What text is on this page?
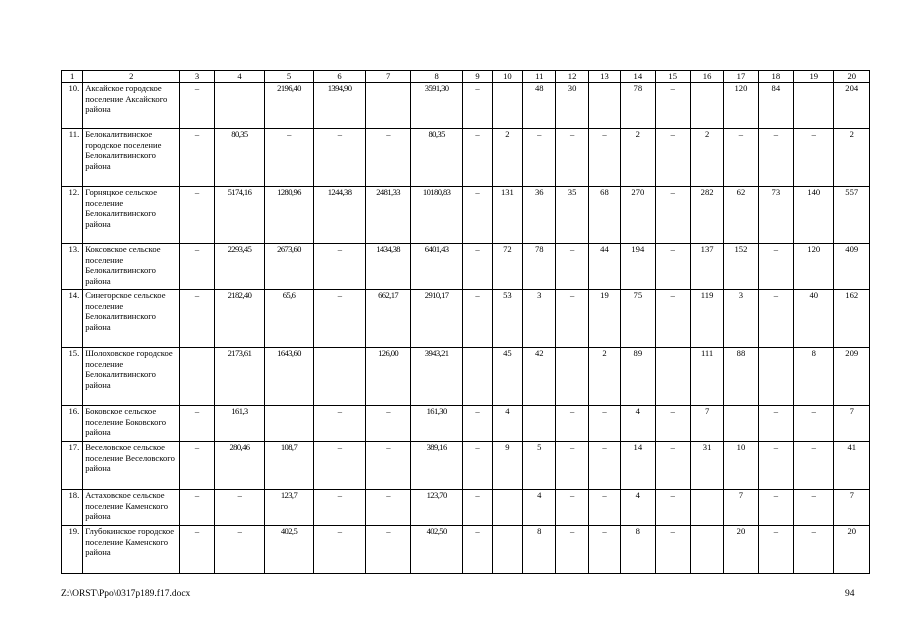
1	2	3	4	5	6	7	8	9	10	11	12	13	14	15	16	17	18	19	20
10.	Аксайское городское поселение Аксайского района	–		2196,40	1394,90		3591,30	–		48	30		78	–		120	84		204
11.	Белокалитвинское городское поселение Белокалитвинского района	–	80,35	–	–	–	80,35	–	2	–	–	–	2	–	2	–	–	–	2
12.	Горняцкое сельское поселение Белокалитвинского района	–	5174,16	1280,96	1244,38	2481,33	10180,83	–	131	36	35	68	270	–	282	62	73	140	557
13.	Коксовское сельское поселение Белокалитвинского района	–	2293,45	2673,60	–	1434,38	6401,43	–	72	78	–	44	194	–	137	152	–	120	409
14.	Синегорское сельское поселение Белокалитвинского района	–	2182,40	65,6	–	662,17	2910,17	–	53	3	–	19	75	–	119	3	–	40	162
15.	Шолоховское городское поселение Белокалитвинского района		2173,61	1643,60		126,00	3943,21		45	42		2	89		111	88		8	209
16.	Боковское сельское поселение Боковского района	–	161,3		–	–	161,30	–	4		–	–	4	–	7		–	–	7
17.	Веселовское сельское поселение Веселовского района	–	280,46	108,7	–	–	389,16	–	9	5	–	–	14	–	31	10	–	–	41
18.	Астаховское сельское поселение Каменского района	–	–	123,7	–	–	123,70	–		4	–	–	4	–		7	–	–	7
19.	Глубокинское городское поселение Каменского района	–	–	402,5	–	–	402,50	–		8	–	–	8	–		20	–	–	20
Z:\ORST\Ppo\0317p189.f17.docx	94
